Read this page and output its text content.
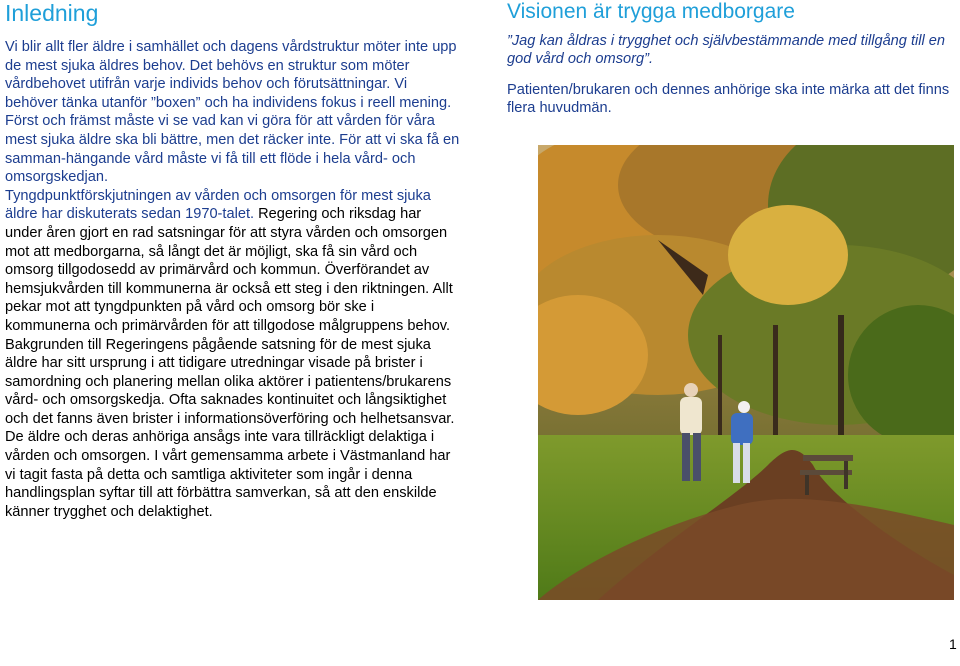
Inledning

Vi blir allt fler äldre i samhället och dagens vårdstruktur möter inte upp de mest sjuka äldres behov. Det behövs en struktur som möter vårdbehovet utifrån varje individs behov och förutsättningar. Vi behöver tänka utanför ”boxen” och ha individens fokus i reell mening. Först och främst måste vi se vad kan vi göra för att vården för våra mest sjuka äldre ska bli bättre, men det räcker inte. För att vi ska få en samman-hängande vård måste vi få till ett flöde i hela vård- och omsorgskedjan.

Tyngdpunktförskjutningen av vården och omsorgen för mest sjuka äldre har diskuterats sedan 1970-talet. Regering och riksdag har under åren gjort en rad satsningar för att styra vården och omsorgen mot att medborgarna, så långt det är möjligt, ska få sin vård och omsorg tillgodosedd av primärvård och kommun. Överförandet av hemsjukvården till kommunerna är också ett steg i den riktningen. Allt pekar mot att tyngdpunkten på vård och omsorg bör ske i kommunerna och primärvården för att tillgodose målgruppens behov. Bakgrunden till Regeringens pågående satsning för de mest sjuka äldre har sitt ursprung i att tidigare utredningar visade på brister i samordning och planering mellan olika aktörer i patientens/brukarens vård- och omsorgskedja. Ofta saknades kontinuitet och långsiktighet och det fanns även brister i informationsöverföring och helhetsansvar. De äldre och deras anhöriga ansågs inte vara tillräckligt delaktiga i vården och omsorgen. I vårt gemensamma arbete i Västmanland har vi tagit fasta på detta och samtliga aktiviteter som ingår i denna handlingsplan syftar till att förbättra samverkan, så att den enskilde känner trygghet och delaktighet.

Visionen är trygga medborgare

”Jag kan åldras i trygghet och självbestämmande med tillgång till en god vård och omsorg”.

Patienten/brukaren och dennes anhörige ska inte märka att det finns flera huvudmän.

1
